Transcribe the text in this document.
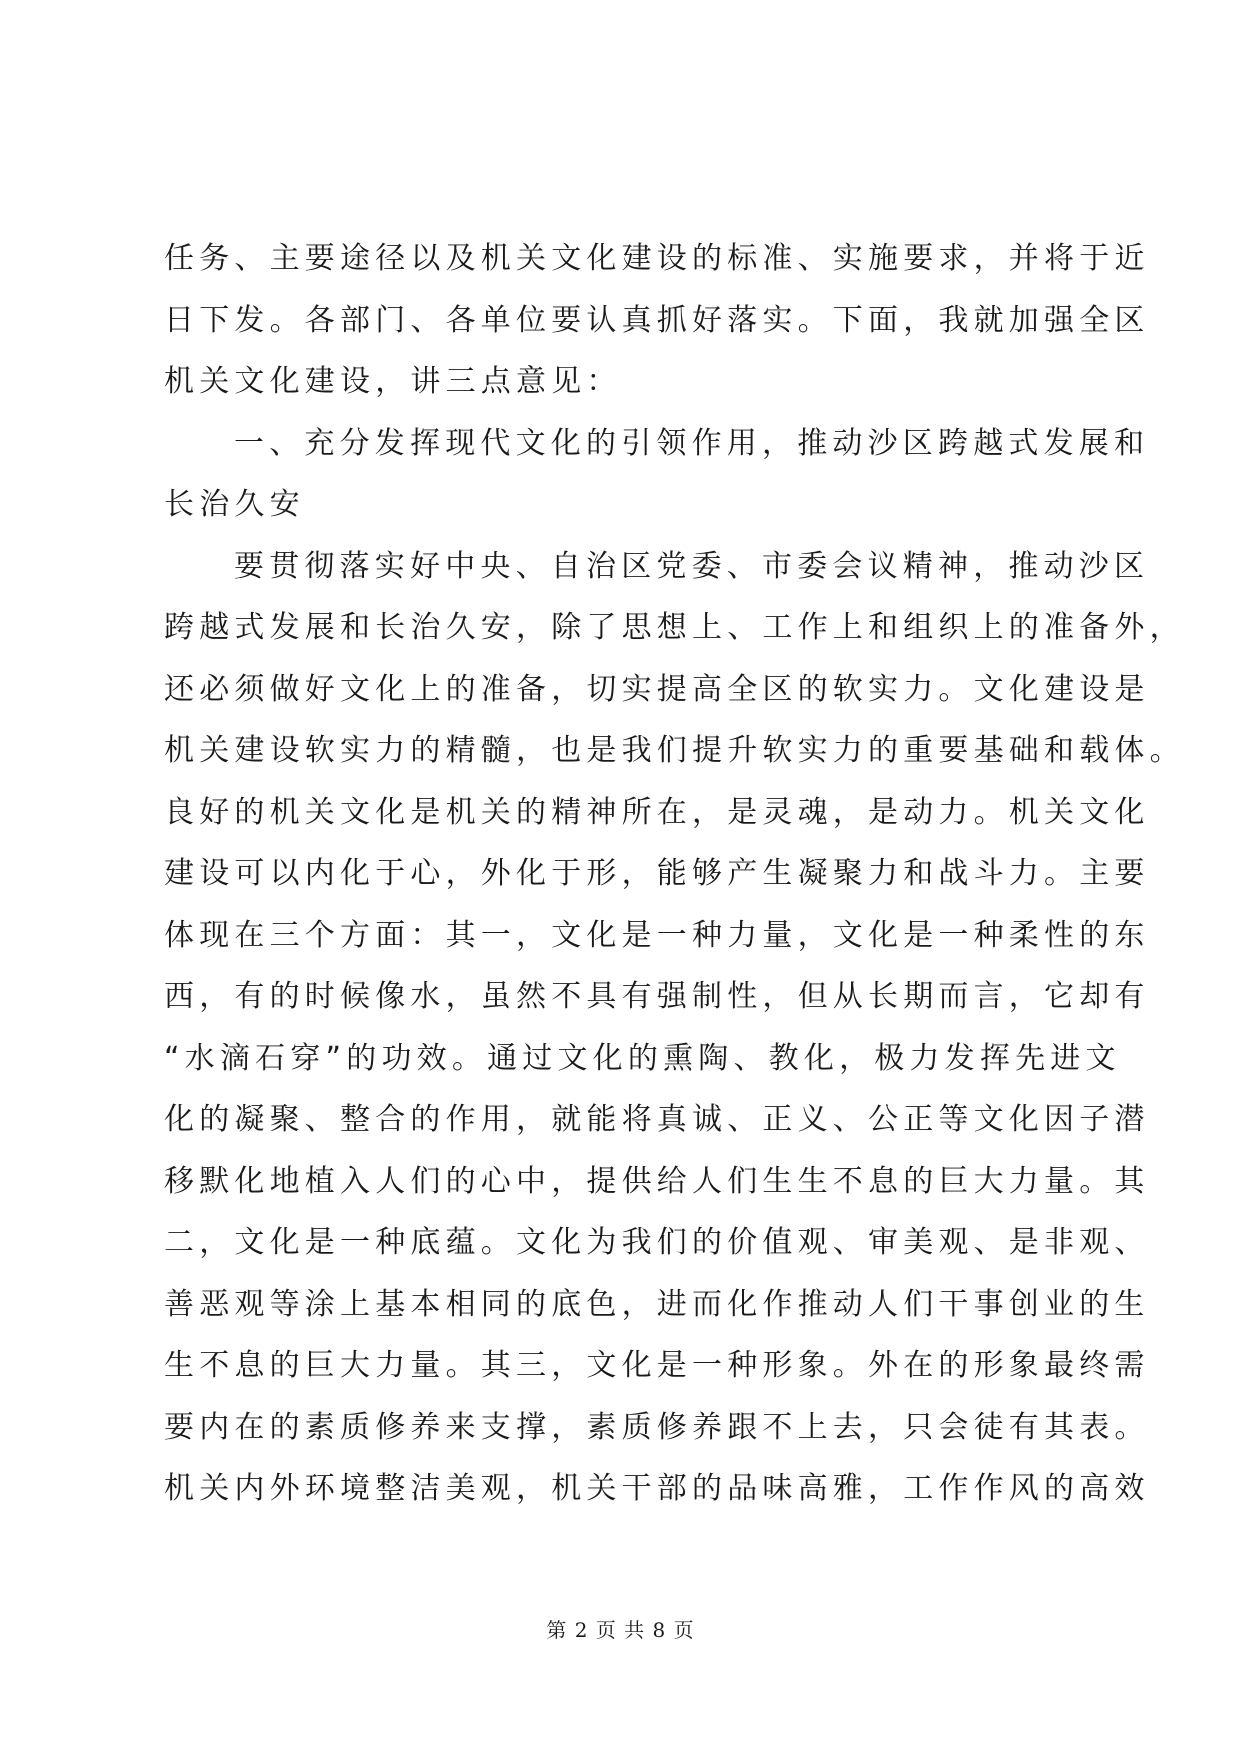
任务、主要途径以及机关文化建设的标准、实施要求，并将于近
日下发。各部门、各单位要认真抓好落实。下面，我就加强全区
机关文化建设，讲三点意见：
一、充分发挥现代文化的引领作用，推动沙区跨越式发展和
长治久安
要贯彻落实好中央、自治区党委、市委会议精神，推动沙区
跨越式发展和长治久安，除了思想上、工作上和组织上的准备外，
还必须做好文化上的准备，切实提高全区的软实力。文化建设是
机关建设软实力的精髓，也是我们提升软实力的重要基础和载体。
良好的机关文化是机关的精神所在，是灵魂，是动力。机关文化
建设可以内化于心，外化于形，能够产生凝聚力和战斗力。主要
体现在三个方面：其一，文化是一种力量，文化是一种柔性的东
西，有的时候像水，虽然不具有强制性，但从长期而言，它却有
“水滴石穿”的功效。通过文化的熏陶、教化，极力发挥先进文
化的凝聚、整合的作用，就能将真诚、正义、公正等文化因子潜
移默化地植入人们的心中，提供给人们生生不息的巨大力量。其
二，文化是一种底蕴。文化为我们的价值观、审美观、是非观、
善恶观等涂上基本相同的底色，进而化作推动人们干事创业的生
生不息的巨大力量。其三，文化是一种形象。外在的形象最终需
要内在的素质修养来支撑，素质修养跟不上去，只会徒有其表。
机关内外环境整洁美观，机关干部的品味高雅，工作作风的高效
第 2 页 共 8 页
